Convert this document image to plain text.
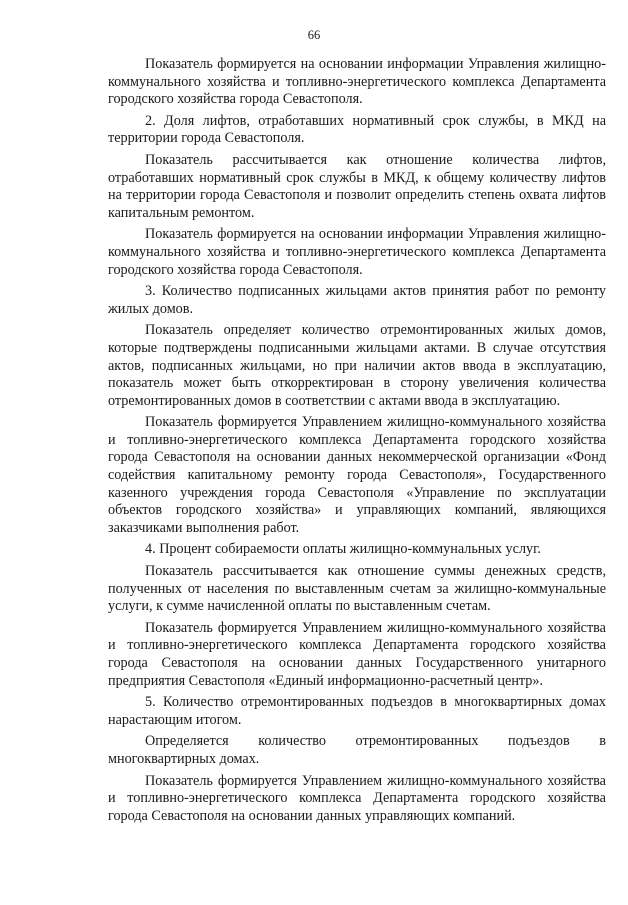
66

Показатель формируется на основании информации Управления жилищно-коммунального хозяйства и топливно-энергетического комплекса Департамента городского хозяйства города Севастополя.

2. Доля лифтов, отработавших нормативный срок службы, в МКД на территории города Севастополя.

Показатель рассчитывается как отношение количества лифтов, отработавших нормативный срок службы в МКД, к общему количеству лифтов на территории города Севастополя и позволит определить степень охвата лифтов капитальным ремонтом.

Показатель формируется на основании информации Управления жилищно-коммунального хозяйства и топливно-энергетического комплекса Департамента городского хозяйства города Севастополя.

3. Количество подписанных жильцами актов принятия работ по ремонту жилых домов.

Показатель определяет количество отремонтированных жилых домов, которые подтверждены подписанными жильцами актами. В случае отсутствия актов, подписанных жильцами, но при наличии актов ввода в эксплуатацию, показатель может быть откорректирован в сторону увеличения количества отремонтированных домов в соответствии с актами ввода в эксплуатацию.

Показатель формируется Управлением жилищно-коммунального хозяйства и топливно-энергетического комплекса Департамента городского хозяйства города Севастополя на основании данных некоммерческой организации «Фонд содействия капитальному ремонту города Севастополя», Государственного казенного учреждения города Севастополя «Управление по эксплуатации объектов городского хозяйства» и управляющих компаний, являющихся заказчиками выполнения работ.

4. Процент собираемости оплаты жилищно-коммунальных услуг.

Показатель рассчитывается как отношение суммы денежных средств, полученных от населения по выставленным счетам за жилищно-коммунальные услуги, к сумме начисленной оплаты по выставленным счетам.

Показатель формируется Управлением жилищно-коммунального хозяйства и топливно-энергетического комплекса Департамента городского хозяйства города Севастополя на основании данных Государственного унитарного предприятия Севастополя «Единый информационно-расчетный центр».

5. Количество отремонтированных подъездов в многоквартирных домах нарастающим итогом.

Определяется количество отремонтированных подъездов в многоквартирных домах.

Показатель формируется Управлением жилищно-коммунального хозяйства и топливно-энергетического комплекса Департамента городского хозяйства города Севастополя на основании данных управляющих компаний.
